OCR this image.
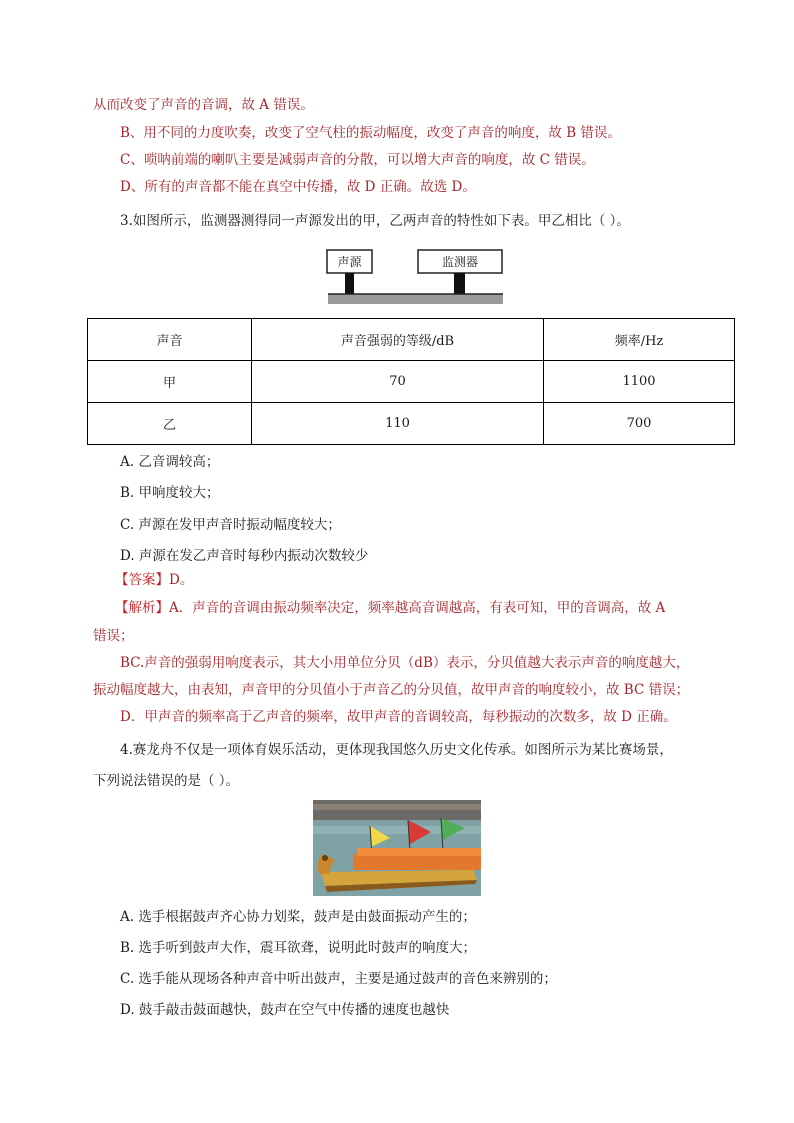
从而改变了声音的音调，故 A 错误。
B、用不同的力度吹奏，改变了空气柱的振动幅度，改变了声音的响度，故 B 错误。
C、唢呐前端的喇叭主要是减弱声音的分散，可以增大声音的响度，故 C 错误。
D、所有的声音都不能在真空中传播，故 D 正确。故选 D。
3.如图所示，监测器测得同一声源发出的甲，乙两声音的特性如下表。甲乙相比（ ）。
声源	监测器
声音	声音强弱的等级/dB	频率/Hz
甲	70	1100
乙	110	700
A. 乙音调较高；
B. 甲响度较大；
C. 声源在发甲声音时振动幅度较大；
D. 声源在发乙声音时每秒内振动次数较少
【答案】D。
【解析】A．声音的音调由振动频率决定，频率越高音调越高，有表可知，甲的音调高，故 A
错误；
BC.声音的强弱用响度表示，其大小用单位分贝（dB）表示，分贝值越大表示声音的响度越大，
振动幅度越大，由表知，声音甲的分贝值小于声音乙的分贝值，故甲声音的响度较小，故 BC 错误；
D．甲声音的频率高于乙声音的频率，故甲声音的音调较高，每秒振动的次数多，故 D 正确。
4.赛龙舟不仅是一项体育娱乐活动，更体现我国悠久历史文化传承。如图所示为某比赛场景，
下列说法错误的是（ ）。
A. 选手根据鼓声齐心协力划桨，鼓声是由鼓面振动产生的；
B. 选手听到鼓声大作，震耳欲聋，说明此时鼓声的响度大；
C. 选手能从现场各种声音中听出鼓声，主要是通过鼓声的音色来辨别的；
D. 鼓手敲击鼓面越快，鼓声在空气中传播的速度也越快
